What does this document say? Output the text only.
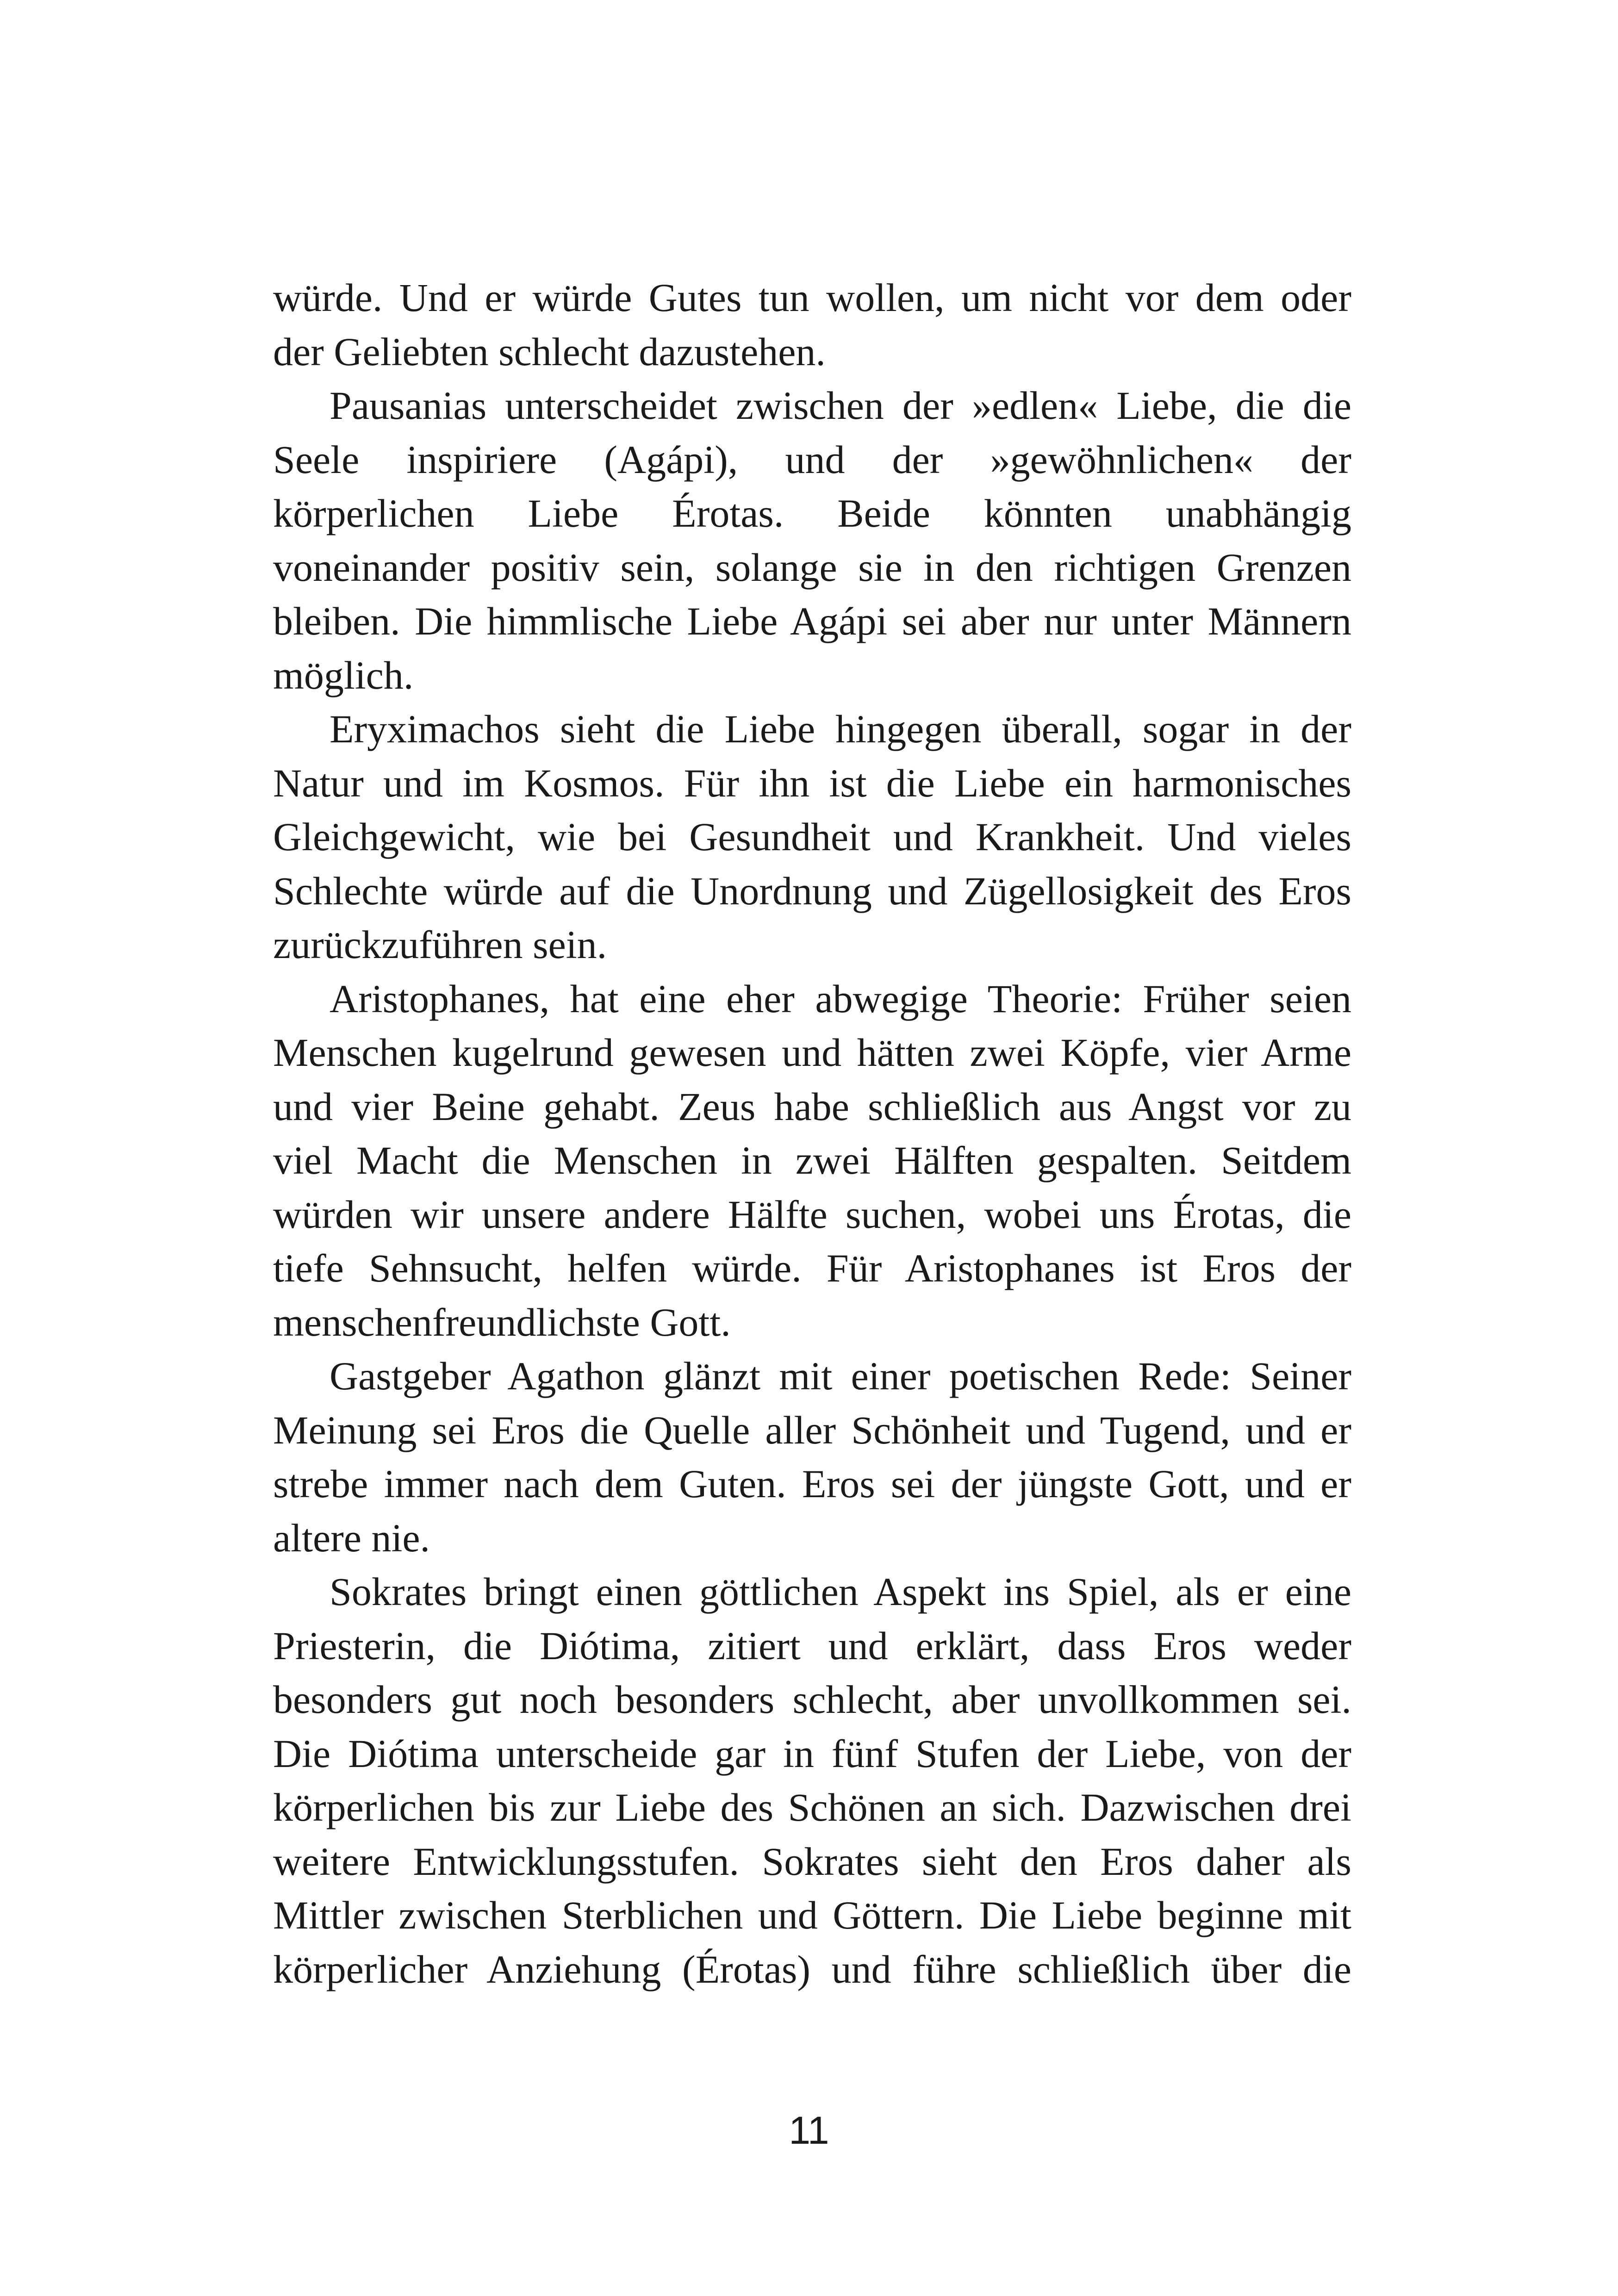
würde. Und er würde Gutes tun wollen, um nicht vor dem oder
der Geliebten schlecht dazustehen.
Pausanias unterscheidet zwischen der »edlen« Liebe, die die
Seele inspiriere (Agápi), und der »gewöhnlichen« der
körperlichen Liebe Érotas. Beide könnten unabhängig
voneinander positiv sein, solange sie in den richtigen Grenzen
bleiben. Die himmlische Liebe Agápi sei aber nur unter Männern
möglich.
Eryximachos sieht die Liebe hingegen überall, sogar in der
Natur und im Kosmos. Für ihn ist die Liebe ein harmonisches
Gleichgewicht, wie bei Gesundheit und Krankheit. Und vieles
Schlechte würde auf die Unordnung und Zügellosigkeit des Eros
zurückzuführen sein.
Aristophanes, hat eine eher abwegige Theorie: Früher seien
Menschen kugelrund gewesen und hätten zwei Köpfe, vier Arme
und vier Beine gehabt. Zeus habe schließlich aus Angst vor zu
viel Macht die Menschen in zwei Hälften gespalten. Seitdem
würden wir unsere andere Hälfte suchen, wobei uns Érotas, die
tiefe Sehnsucht, helfen würde. Für Aristophanes ist Eros der
menschenfreundlichste Gott.
Gastgeber Agathon glänzt mit einer poetischen Rede: Seiner
Meinung sei Eros die Quelle aller Schönheit und Tugend, und er
strebe immer nach dem Guten. Eros sei der jüngste Gott, und er
altere nie.
Sokrates bringt einen göttlichen Aspekt ins Spiel, als er eine
Priesterin, die Diótima, zitiert und erklärt, dass Eros weder
besonders gut noch besonders schlecht, aber unvollkommen sei.
Die Diótima unterscheide gar in fünf Stufen der Liebe, von der
körperlichen bis zur Liebe des Schönen an sich. Dazwischen drei
weitere Entwicklungsstufen. Sokrates sieht den Eros daher als
Mittler zwischen Sterblichen und Göttern. Die Liebe beginne mit
körperlicher Anziehung (Érotas) und führe schließlich über die
11
